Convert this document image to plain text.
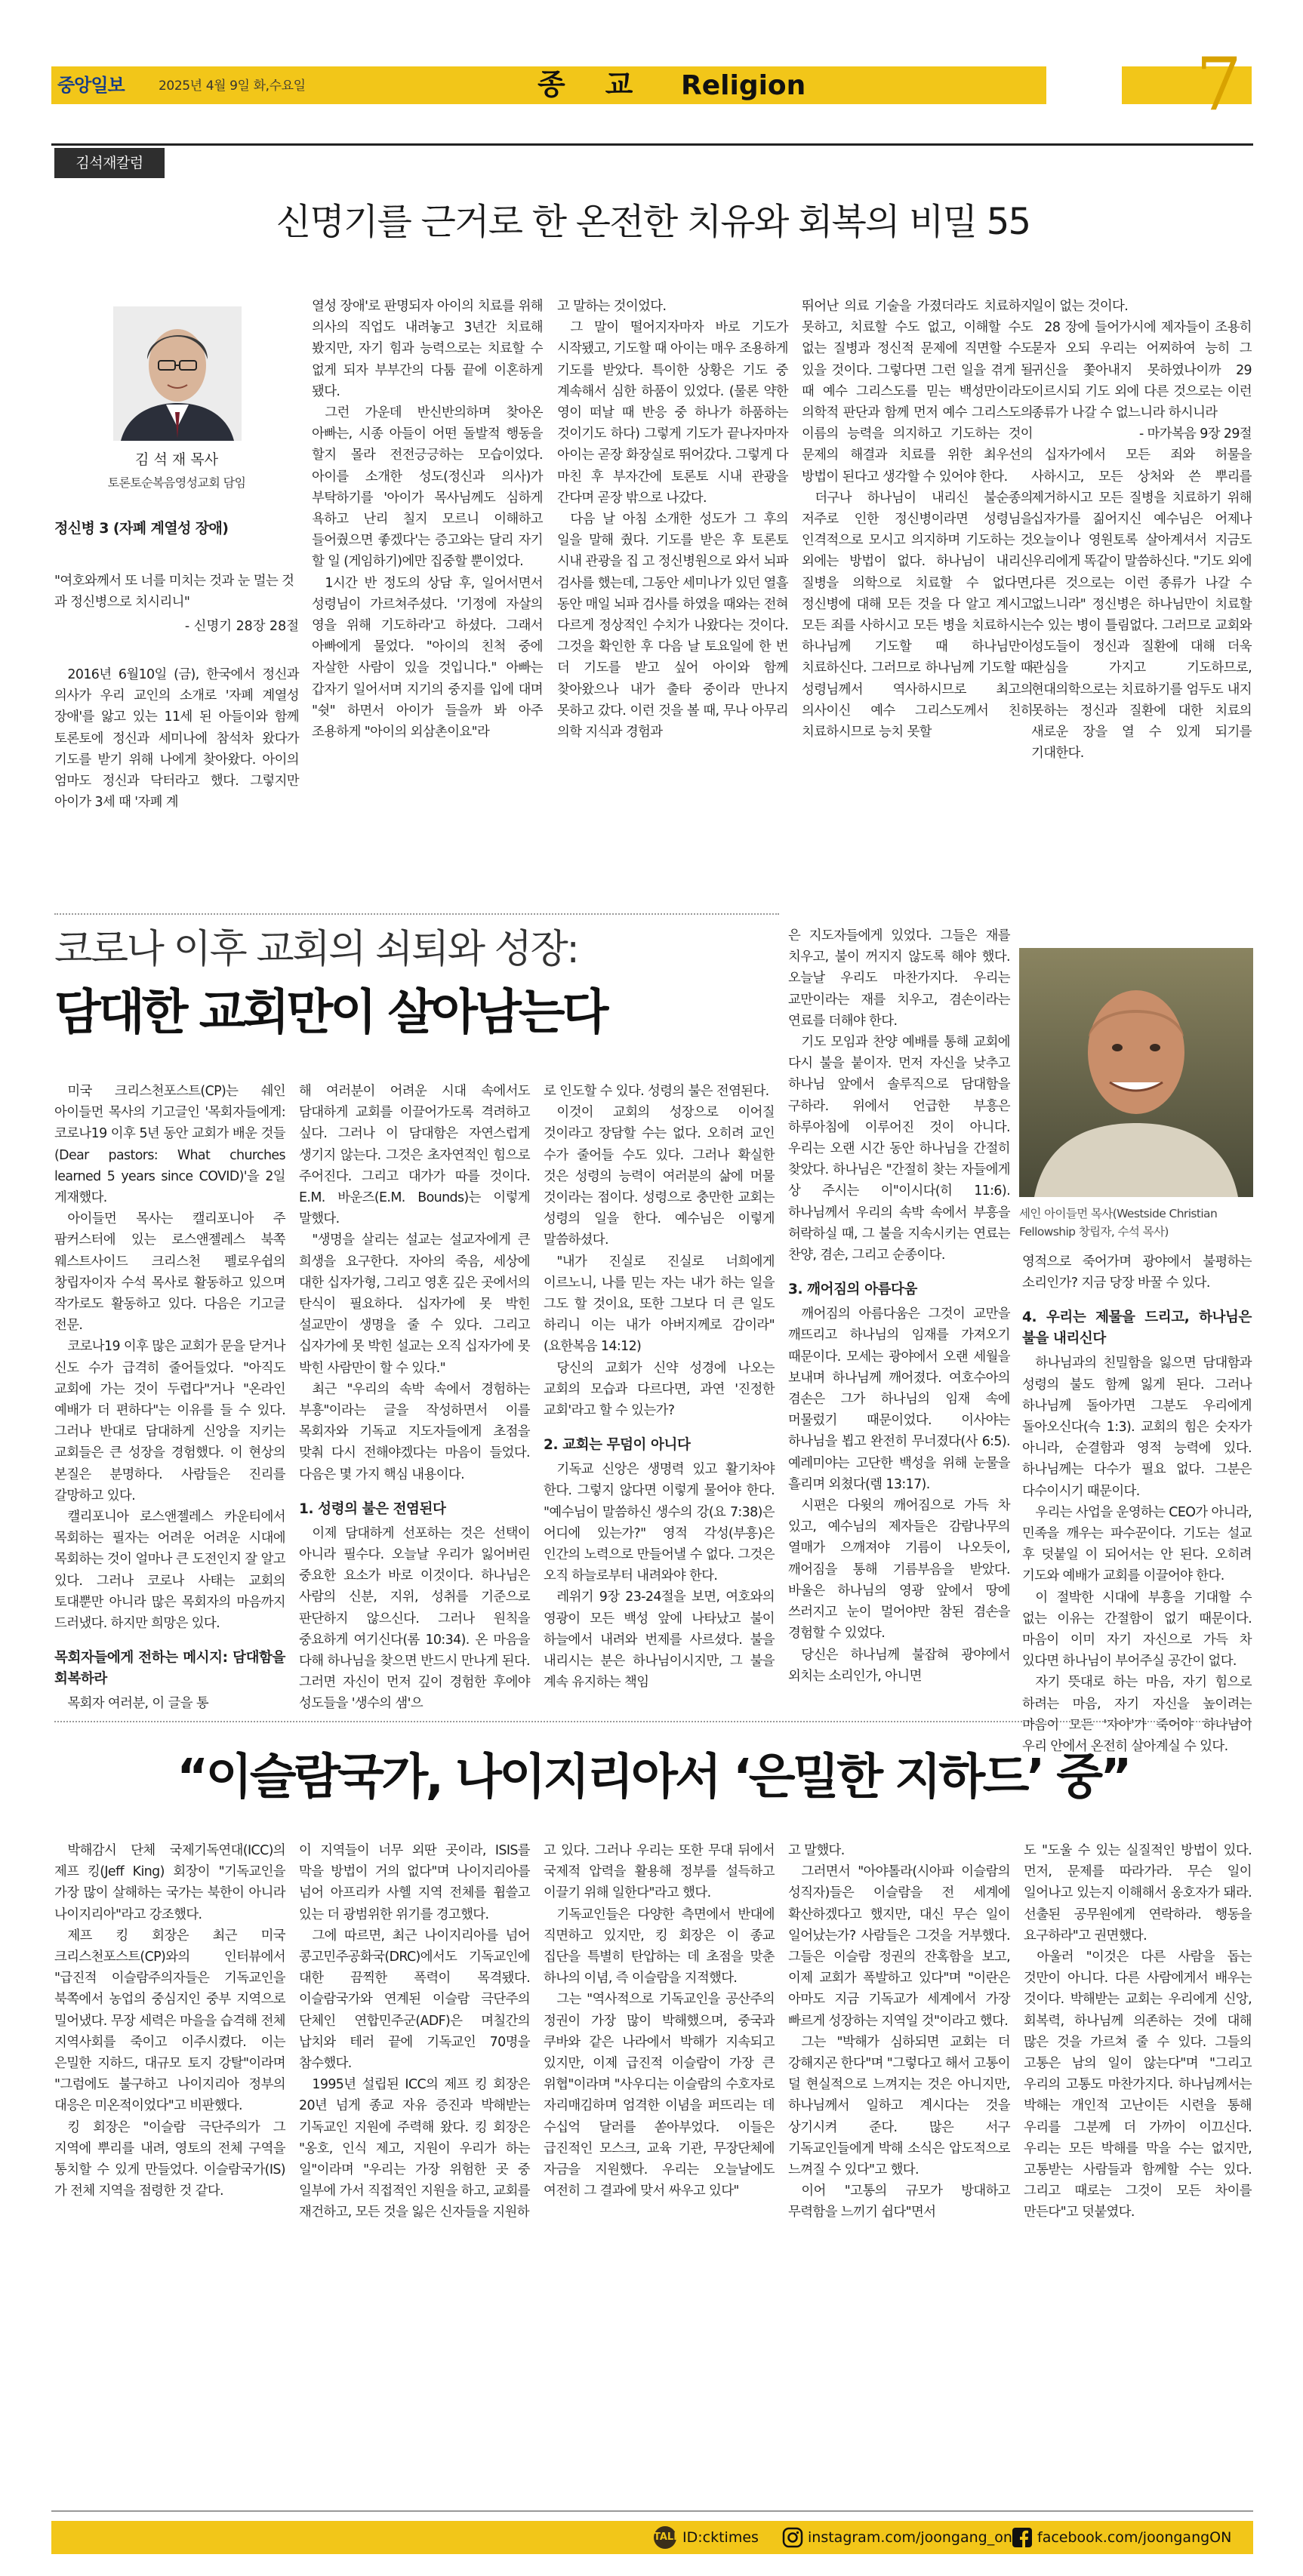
7
중앙일보	2025년 4월 9일 화,수요일	종    교 Religion
김석재칼럼
신명기를 근거로 한 온전한 치유와 회복의 비밀 55
김 석 재 목사
토론토순복음영성교회 담임
정신병 3 (자폐 계열성 장애)
"여호와께서 또 너를 미치는 것과 눈 멀는 것과 정신병으로 치시리니"
- 신명기 28장 28절

2016년 6월10일 (금), 한국에서 정신과 의사가 우리 교인의 소개로 '자폐 계열성 장애'를 앓고 있는 11세 된 아들이와 함께 토론토에 정신과 세미나에 참석차 왔다가 기도를 받기 위해 나에게 찾아왔다. 아이의 엄마도 정신과 닥터라고 했다. 그렇지만 아이가 3세 때 '자폐 계

열성 장애'로 판명되자 아이의 치료를 위해 의사의 직업도 내려놓고 3년간 치료해 봤지만, 자기 힘과 능력으로는 치료할 수 없게 되자 부부간의 다툼 끝에 이혼하게 됐다.

그런 가운데 반신반의하며 찾아온 아빠는, 시종 아들이 어떤 돌발적 행동을 할지 몰라 전전긍긍하는 모습이었다. 아이를 소개한 성도(정신과 의사)가 부탁하기를 '아이가 목사님께도 심하게 욕하고 난리 칠지 모르니 이해하고 들어줬으면 좋겠다'는 증고와는 달리 자기 할 일 (게임하기)에만 집중할 뿐이었다.

1시간 반 정도의 상담 후, 일어서면서 성령님이 가르쳐주셨다. '기정에 자살의 영을 위해 기도하라'고 하셨다. 그래서 아빠에게 물었다. "아이의 친척 중에 자살한 사람이 있을 것입니다." 아빠는 갑자기 일어서며 지기의 중지를 입에 대며 "쉿" 하면서 아이가 들을까 봐 아주 조용하게 "아이의 외삼촌이요"라

고 말하는 것이었다.

그 말이 떨어지자마자 바로 기도가 시작됐고, 기도할 때 아이는 매우 조용하게 기도를 받았다. 특이한 상황은 기도 중 계속해서 심한 하품이 있었다. (물론 약한 영이 떠날 때 반응 중 하나가 하품하는 것이기도 하다) 그렇게 기도가 끝나자마자 아이는 곧장 화장실로 뛰어갔다. 그렇게 다 마친 후 부자간에 토론토 시내 관광을 간다며 곧장 밖으로 나갔다.

다음 날 아침 소개한 성도가 그 후의 일을 말해 줬다. 기도를 받은 후 토론토 시내 관광을 집 고 정신병원으로 와서 뇌파 검사를 했는데, 그동안 세미나가 있던 열흘 동안 매일 뇌파 검사를 하였을 때와는 전혀 다르게 정상적인 수치가 나왔다는 것이다. 그것을 확인한 후 다음 날 토요일에 한 번 더 기도를 받고 싶어 아이와 함께 찾아왔으나 내가 출타 중이라 만나지 못하고 갔다. 이런 것을 볼 때, 무나 아무리 의학 지식과 경험과

뛰어난 의료 기술을 가졌더라도 치료하지 못하고, 치료할 수도 없고, 이해할 수도 없는 질병과 정신적 문제에 직면할 수도 있을 것이다. 그렇다면 그런 일을 겪게 될 때 예수 그리스도를 믿는 백성만이라도 의학적 판단과 함께 먼저 예수 그리스도의 이름의 능력을 의지하고 기도하는 것이 문제의 해결과 치료를 위한 최우선의 방법이 된다고 생각할 수 있어야 한다.

더구나 하나님이 내리신 불순종의 저주로 인한 정신병이라면 성령님을 인격적으로 모시고 의지하며 기도하는 것 외에는 방법이 없다. 하나님이 내리신 질병을 의학으로 치료할 수 없다면, 정신병에 대해 모든 것을 다 알고 계시고 모든 죄를 사하시고 모든 병을 치료하시는 하나님께 기도할 때 하나님만이 치료하신다. 그러므로 하나님께 기도할 때 성령님께서 역사하시므로 최고의 의사이신 예수 그리스도께서 친히 치료하시므로 능치 못할

일이 없는 것이다.

28 장에 들어가시에 제자들이 조용히 묻자 오되 우리는 어찌하여 능히 그 귀신을 쫓아내지 못하였나이까 29 이르시되 기도 외에 다른 것으로는 이런 종류가 나갈 수 없느니라 하시니라

- 마가복음 9장 29절

십자가에서 모든 죄와 허물을 사하시고, 모든 상처와 쓴 뿌리를 제거하시고 모든 질병을 치료하기 위해 십자가를 짊어지신 예수님은 어제나 오늘이나 영원토록 살아계셔서 지금도 우리에게 똑같이 말씀하신다. "기도 외에 다른 것으로는 이런 종류가 나갈 수 없느니라" 정신병은 하나님만이 치료할 수 있는 병이 틀림없다. 그러므로 교회와 성도들이 정신과 질환에 대해 더욱 관심을 가지고 기도하므로, 현대의학으로는 치료하기를 엄두도 내지 못하는 정신과 질환에 대한 치료의 새로운 장을 열 수 있게 되기를 기대한다.

코로나 이후 교회의 쇠퇴와 성장:
담대한 교회만이 살아남는다
세인 아이들먼 목사(Westside Christian Fellowship 창립자, 수석 목사)

미국 크리스천포스트(CP)는 쉐인 아이들먼 목사의 기고글인 '목회자들에게: 코로나19 이후 5년 동안 교회가 배운 것들(Dear pastors: What churches learned 5 years since COVID)'을 2일 게재했다.

아이들먼 목사는 캘리포니아 주 팜커스터에 있는 로스앤젤레스 북쪽 웨스트사이드 크리스천 펠로우쉽의 창립자이자 수석 목사로 활동하고 있으며 작가로도 활동하고 있다. 다음은 기고글 전문.

코로나19 이후 많은 교회가 문을 닫거나 신도 수가 급격히 줄어들었다. "아직도 교회에 가는 것이 두렵다"거나 "온라인 예배가 더 편하다"는 이유를 들 수 있다. 그러나 반대로 담대하게 신앙을 지키는 교회들은 큰 성장을 경험했다. 이 현상의 본질은 분명하다. 사람들은 진리를 갈망하고 있다.

캘리포니아 로스앤젤레스 카운티에서 목회하는 필자는 어려운 어려운 시대에 목회하는 것이 얼마나 큰 도전인지 잘 알고 있다. 그러나 코로나 사태는 교회의 토대뿐만 아니라 많은 목회자의 마음까지 드러냈다. 하지만 희망은 있다.

목회자들에게 전하는 메시지: 담대함을 회복하라

목회자 여러분, 이 글을 통

해 여러분이 어려운 시대 속에서도 담대하게 교회를 이끌어가도록 격려하고 싶다. 그러나 이 담대함은 자연스럽게 생기지 않는다. 그것은 초자연적인 힘으로 주어진다. 그리고 대가가 따를 것이다. E.M. 바운즈(E.M. Bounds)는 이렇게 말했다.

"생명을 살리는 설교는 설교자에게 큰 희생을 요구한다. 자아의 죽음, 세상에 대한 십자가형, 그리고 영혼 깊은 곳에서의 탄식이 필요하다. 십자가에 못 박힌 설교만이 생명을 줄 수 있다. 그리고 십자가에 못 박힌 설교는 오직 십자가에 못 박힌 사람만이 할 수 있다."

최근 "우리의 속박 속에서 경험하는 부흥"이라는 글을 작성하면서 이를 목회자와 기독교 지도자들에게 초점을 맞춰 다시 전해야겠다는 마음이 들었다. 다음은 몇 가지 핵심 내용이다.

1. 성령의 불은 전염된다

이제 담대하게 선포하는 것은 선택이 아니라 필수다. 오늘날 우리가 잃어버린 중요한 요소가 바로 이것이다. 하나님은 사람의 신분, 지위, 성취를 기준으로 판단하지 않으신다. 그러나 원칙을 중요하게 여기신다(롬 10:34). 온 마음을 다해 하나님을 찾으면 반드시 만나게 된다. 그러면 자신이 먼저 깊이 경험한 후에야 성도들을 '생수의 샘'으

로 인도할 수 있다. 성령의 불은 전염된다.

이것이 교회의 성장으로 이어질 것이라고 장담할 수는 없다. 오히려 교인 수가 줄어들 수도 있다. 그러나 확실한 것은 성령의 능력이 여러분의 삶에 머물 것이라는 점이다. 성령으로 충만한 교회는 성령의 일을 한다. 예수님은 이렇게 말씀하셨다.

"내가 진실로 진실로 너희에게 이르노니, 나를 믿는 자는 내가 하는 일을 그도 할 것이요, 또한 그보다 더 큰 일도 하리니 이는 내가 아버지께로 감이라" (요한복음 14:12)

당신의 교회가 신약 성경에 나오는 교회의 모습과 다르다면, 과연 '진정한 교회'라고 할 수 있는가?

2. 교회는 무덤이 아니다

기독교 신앙은 생명력 있고 활기차야 한다. 그렇지 않다면 이렇게 물어야 한다. "예수님이 말씀하신 생수의 강(요 7:38)은 어디에 있는가?" 영적 각성(부흥)은 인간의 노력으로 만들어낼 수 없다. 그것은 오직 하늘로부터 내려와야 한다.

레위기 9장 23-24절을 보면, 여호와의 영광이 모든 백성 앞에 나타났고 불이 하늘에서 내려와 번제를 사르셨다. 불을 내리시는 분은 하나님이시지만, 그 불을 계속 유지하는 책임

은 지도자들에게 있었다. 그들은 재를 치우고, 불이 꺼지지 않도록 해야 했다. 오늘날 우리도 마찬가지다. 우리는 교만이라는 재를 치우고, 겸손이라는 연료를 더해야 한다.

기도 모임과 찬양 예배를 통해 교회에 다시 불을 붙이자. 먼저 자신을 낮추고 하나님 앞에서 솔루직으로 담대함을 구하라. 위에서 언급한 부흥은 하루아침에 이루어진 것이 아니다. 우리는 오랜 시간 동안 하나님을 간절히 찾았다. 하나님은 "간절히 찾는 자들에게 상 주시는 이"이시다(히 11:6). 하나님께서 우리의 속박 속에서 부흥을 허락하실 때, 그 불을 지속시키는 연료는 찬양, 겸손, 그리고 순종이다.

3. 깨어짐의 아름다움

깨어짐의 아름다움은 그것이 교만을 깨뜨리고 하나님의 임재를 가져오기 때문이다. 모세는 광야에서 오랜 세월을 보내며 하나님께 깨어졌다. 여호수아의 겸손은 그가 하나님의 임재 속에 머물렀기 때문이었다. 이사야는 하나님을 뵙고 완전히 무너졌다(사 6:5). 예레미야는 고단한 백성을 위해 눈물을 흘리며 외쳤다(렘 13:17).

시편은 다윗의 깨어짐으로 가득 차 있고, 예수님의 제자들은 감람나무의 열매가 으깨져야 기름이 나오듯이, 깨어짐을 통해 기름부음을 받았다. 바울은 하나님의 영광 앞에서 땅에 쓰러지고 눈이 멀어야만 참된 겸손을 경험할 수 있었다.

당신은 하나님께 불잡혀 광야에서 외치는 소리인가, 아니면

영적으로 죽어가며 광야에서 불평하는 소리인가? 지금 당장 바꿀 수 있다.

4. 우리는 제물을 드리고, 하나님은 불을 내리신다

하나님과의 친밀함을 잃으면 담대함과 성령의 불도 함께 잃게 된다. 그러나 하나님께 돌아가면 그분도 우리에게 돌아오신다(슥 1:3). 교회의 힘은 숫자가 아니라, 순결함과 영적 능력에 있다. 하나님께는 다수가 필요 없다. 그분은 다수이시기 때문이다.

우리는 사업을 운영하는 CEO가 아니라, 민족을 깨우는 파수꾼이다. 기도는 설교 후 덧붙일 이 되어서는 안 된다. 오히려 기도와 예배가 교회를 이끌어야 한다.

이 절박한 시대에 부흥을 기대할 수 없는 이유는 간절함이 없기 때문이다. 마음이 이미 자기 자신으로 가득 차 있다면 하나님이 부어주실 공간이 없다.

자기 뜻대로 하는 마음, 자기 힘으로 하려는 마음, 자기 자신을 높이려는 마음이 모든 '자아'가 죽어야 하나님이 우리 안에서 온전히 살아계실 수 있다.

“이슬람국가, 나이지리아서 ‘은밀한 지하드’ 중”

박해감시 단체 국제기독연대(ICC)의 제프 킹(Jeff King) 회장이 "기독교인을 가장 많이 살해하는 국가는 북한이 아니라 나이지리아"라고 강조했다.

제프 킹 회장은 최근 미국 크리스천포스트(CP)와의 인터뷰에서 "급진적 이슬람주의자들은 기독교인을 북쪽에서 농업의 중심지인 중부 지역으로 밀어냈다. 무장 세력은 마을을 습격해 전체 지역사회를 죽이고 이주시켰다. 이는 은밀한 지하드, 대규모 토지 강탈"이라며 "그럼에도 불구하고 나이지리아 정부의 대응은 미온적이었다"고 비판했다.

킹 회장은 "이슬람 극단주의가 그 지역에 뿌리를 내려, 영토의 전체 구역을 통치할 수 있게 만들었다. 이슬람국가(IS)가 전체 지역을 점령한 것 같다.

이 지역들이 너무 외딴 곳이라, ISIS를 막을 방법이 거의 없다"며 나이지리아를 넘어 아프리카 사헬 지역 전체를 휩쓸고 있는 더 광범위한 위기를 경고했다.

그에 따르면, 최근 나이지리아를 넘어 콩고민주공화국(DRC)에서도 기독교인에 대한 끔찍한 폭력이 목격됐다. 이슬람국가와 연계된 이슬람 극단주의 단체인 연합민주군(ADF)은 며칠간의 납치와 테러 끝에 기독교인 70명을 참수했다.

1995년 설립된 ICC의 제프 킹 회장은 20년 넘게 종교 자유 증진과 박해받는 기독교인 지원에 주력해 왔다. 킹 회장은 "옹호, 인식 제고, 지원이 우리가 하는 일"이라며 "우리는 가장 위험한 곳 중 일부에 가서 직접적인 지원을 하고, 교회를 재건하고, 모든 것을 잃은 신자들을 지원하

고 있다. 그러나 우리는 또한 무대 뒤에서 국제적 압력을 활용해 정부를 설득하고 이끌기 위해 일한다"라고 했다.

기독교인들은 다양한 측면에서 반대에 직면하고 있지만, 킹 회장은 이 종교 집단을 특별히 탄압하는 데 초점을 맞춘 하나의 이념, 즉 이슬람을 지적했다.

그는 "역사적으로 기독교인을 공산주의 정권이 가장 많이 박해했으며, 중국과 쿠바와 같은 나라에서 박해가 지속되고 있지만, 이제 급진적 이슬람이 가장 큰 위협"이라며 "사우디는 이슬람의 수호자로 자리매김하며 엄격한 이념을 퍼뜨리는 데 수십억 달러를 쏟아부었다. 이들은 급진적인 모스크, 교육 기관, 무장단체에 자금을 지원했다. 우리는 오늘날에도 여전히 그 결과에 맞서 싸우고 있다"

고 말했다.

그러면서 "아야톨라(시아파 이슬람의 성직자)들은 이슬람을 전 세계에 확산하겠다고 했지만, 대신 무슨 일이 일어났는가? 사람들은 그것을 거부했다. 그들은 이슬람 정권의 잔혹함을 보고, 이제 교회가 폭발하고 있다"며 "이란은 아마도 지금 기독교가 세계에서 가장 빠르게 성장하는 지역일 것"이라고 했다.

그는 "박해가 심하되면 교회는 더 강해지곤 한다"며 "그렇다고 해서 고통이 덜 현실적으로 느껴지는 것은 아니지만, 하나님께서 일하고 계시다는 것을 상기시켜 준다. 많은 서구 기독교인들에게 박해 소식은 압도적으로 느껴질 수 있다"고 했다.

이어 "고통의 규모가 방대하고 무력함을 느끼기 쉽다"면서

도 "도울 수 있는 실질적인 방법이 있다. 먼저, 문제를 따라가라. 무슨 일이 일어나고 있는지 이해해서 옹호자가 돼라. 선출된 공무원에게 연락하라. 행동을 요구하라"고 권면했다.

아울러 "이것은 다른 사람을 돕는 것만이 아니다. 다른 사람에게서 배우는 것이다. 박해받는 교회는 우리에게 신앙, 회복력, 하나님께 의존하는 것에 대해 많은 것을 가르쳐 줄 수 있다. 그들의 고통은 남의 일이 않는다"며 "그리고 우리의 고통도 마찬가지다. 하나님께서는 박해는 개인적 고난이든 시련을 통해 우리를 그분께 더 가까이 이끄신다. 우리는 모든 박해를 막을 수는 없지만, 고통받는 사람들과 함께할 수는 있다. 그리고 때로는 그것이 모든 차이를 만든다"고 덧붙였다.

TALK ID:cktimes	instagram.com/joongang_on facebook.com/joongangON
